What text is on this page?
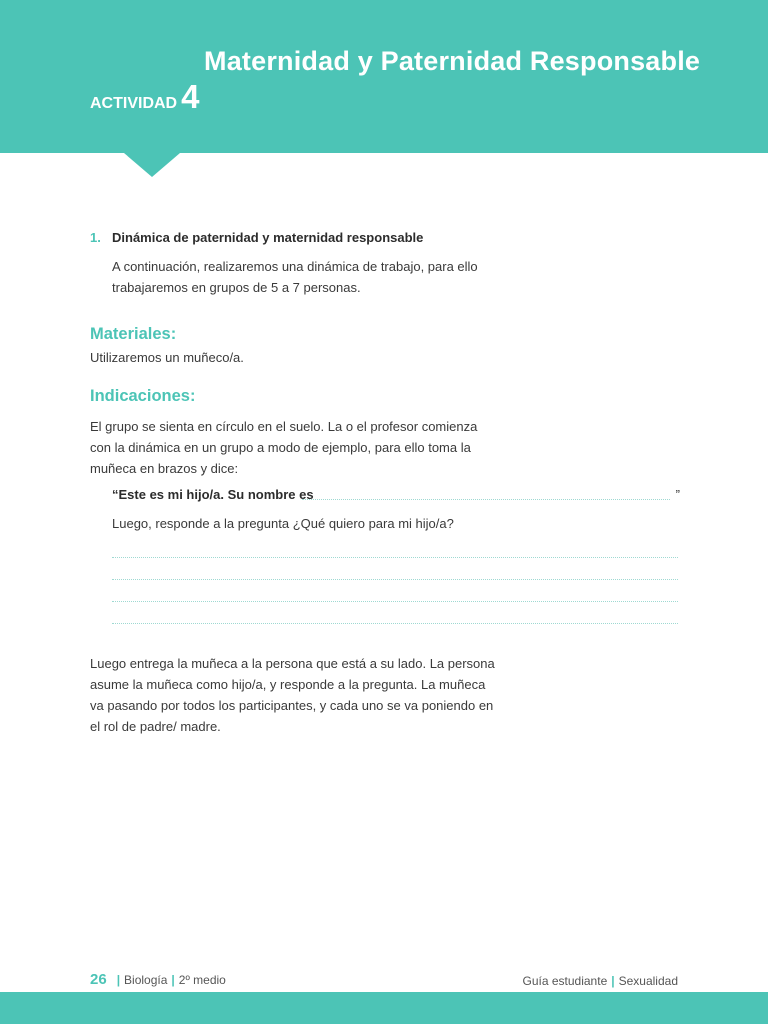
ACTIVIDAD 4
Maternidad y Paternidad Responsable
1. Dinámica de paternidad y maternidad responsable
A continuación, realizaremos una dinámica de trabajo, para ello
trabajaremos en grupos de 5 a 7 personas.
Materiales:
Utilizaremos un muñeco/a.
Indicaciones:
El grupo se sienta en círculo en el suelo. La o el profesor comienza
con la dinámica en un grupo a modo de ejemplo, para ello toma la
muñeca en brazos y dice:
“Este es mi hijo/a. Su nombre es	”
Luego, responde a la pregunta ¿Qué quiero para mi hijo/a?
Luego entrega la muñeca a la persona que está a su lado. La persona
asume la muñeca como hijo/a, y responde a la pregunta. La muñeca
va pasando por todos los participantes, y cada uno se va poniendo en
el rol de padre/ madre.
26 | Biología | 2º medio	Guía estudiante | Sexualidad
